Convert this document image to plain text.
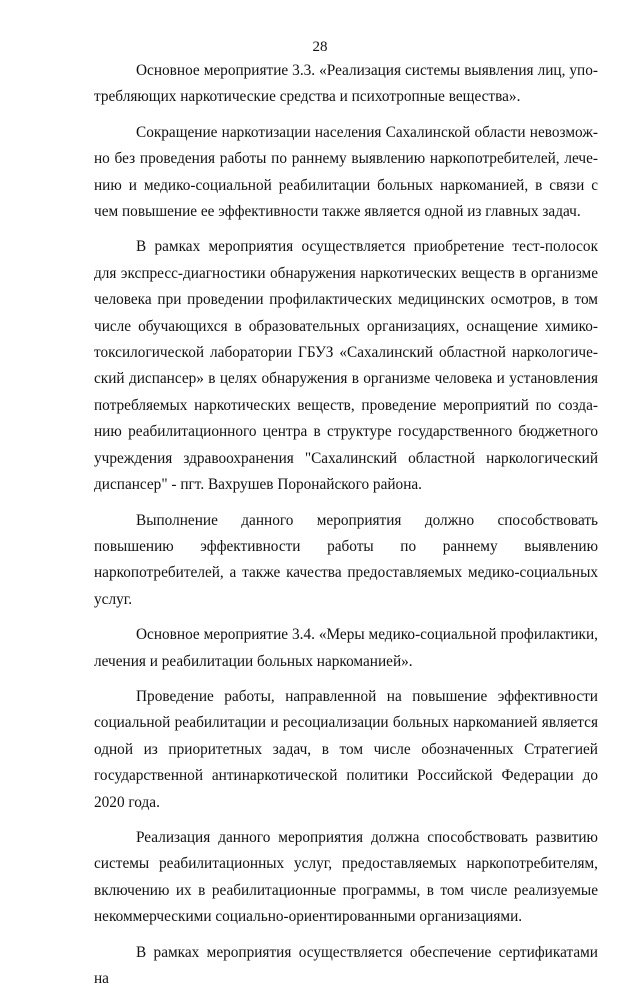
28

Основное мероприятие 3.3. «Реализация системы выявления лиц, употребляющих наркотические средства и психотропные вещества».

Сокращение наркотизации населения Сахалинской области невозможно без проведения работы по раннему выявлению наркопотребителей, лечению и медико-социальной реабилитации больных наркоманией, в связи с чем повышение ее эффективности также является одной из главных задач.

В рамках мероприятия осуществляется приобретение тест-полосок для экспресс-диагностики обнаружения наркотических веществ в организме человека при проведении профилактических медицинских осмотров, в том числе обучающихся в образовательных организациях, оснащение химико-токсилогической лаборатории ГБУЗ «Сахалинский областной наркологический диспансер» в целях обнаружения в организме человека и установления потребляемых наркотических веществ, проведение мероприятий по созданию реабилитационного центра в структуре государственного бюджетного учреждения здравоохранения "Сахалинский областной наркологический диспансер" - пгт. Вахрушев Поронайского района.

Выполнение данного мероприятия должно способствовать повышению эффективности работы по раннему выявлению наркопотребителей, а также качества предоставляемых медико-социальных услуг.

Основное мероприятие 3.4. «Меры медико-социальной профилактики, лечения и реабилитации больных наркоманией».

Проведение работы, направленной на повышение эффективности социальной реабилитации и ресоциализации больных наркоманией является одной из приоритетных задач, в том числе обозначенных Стратегией государственной антинаркотической политики Российской Федерации до 2020 года.

Реализация данного мероприятия должна способствовать развитию системы реабилитационных услуг, предоставляемых наркопотребителям, включению их в реабилитационные программы, в том числе реализуемые некоммерческими социально-ориентированными организациями.

В рамках мероприятия осуществляется обеспечение сертификатами на
